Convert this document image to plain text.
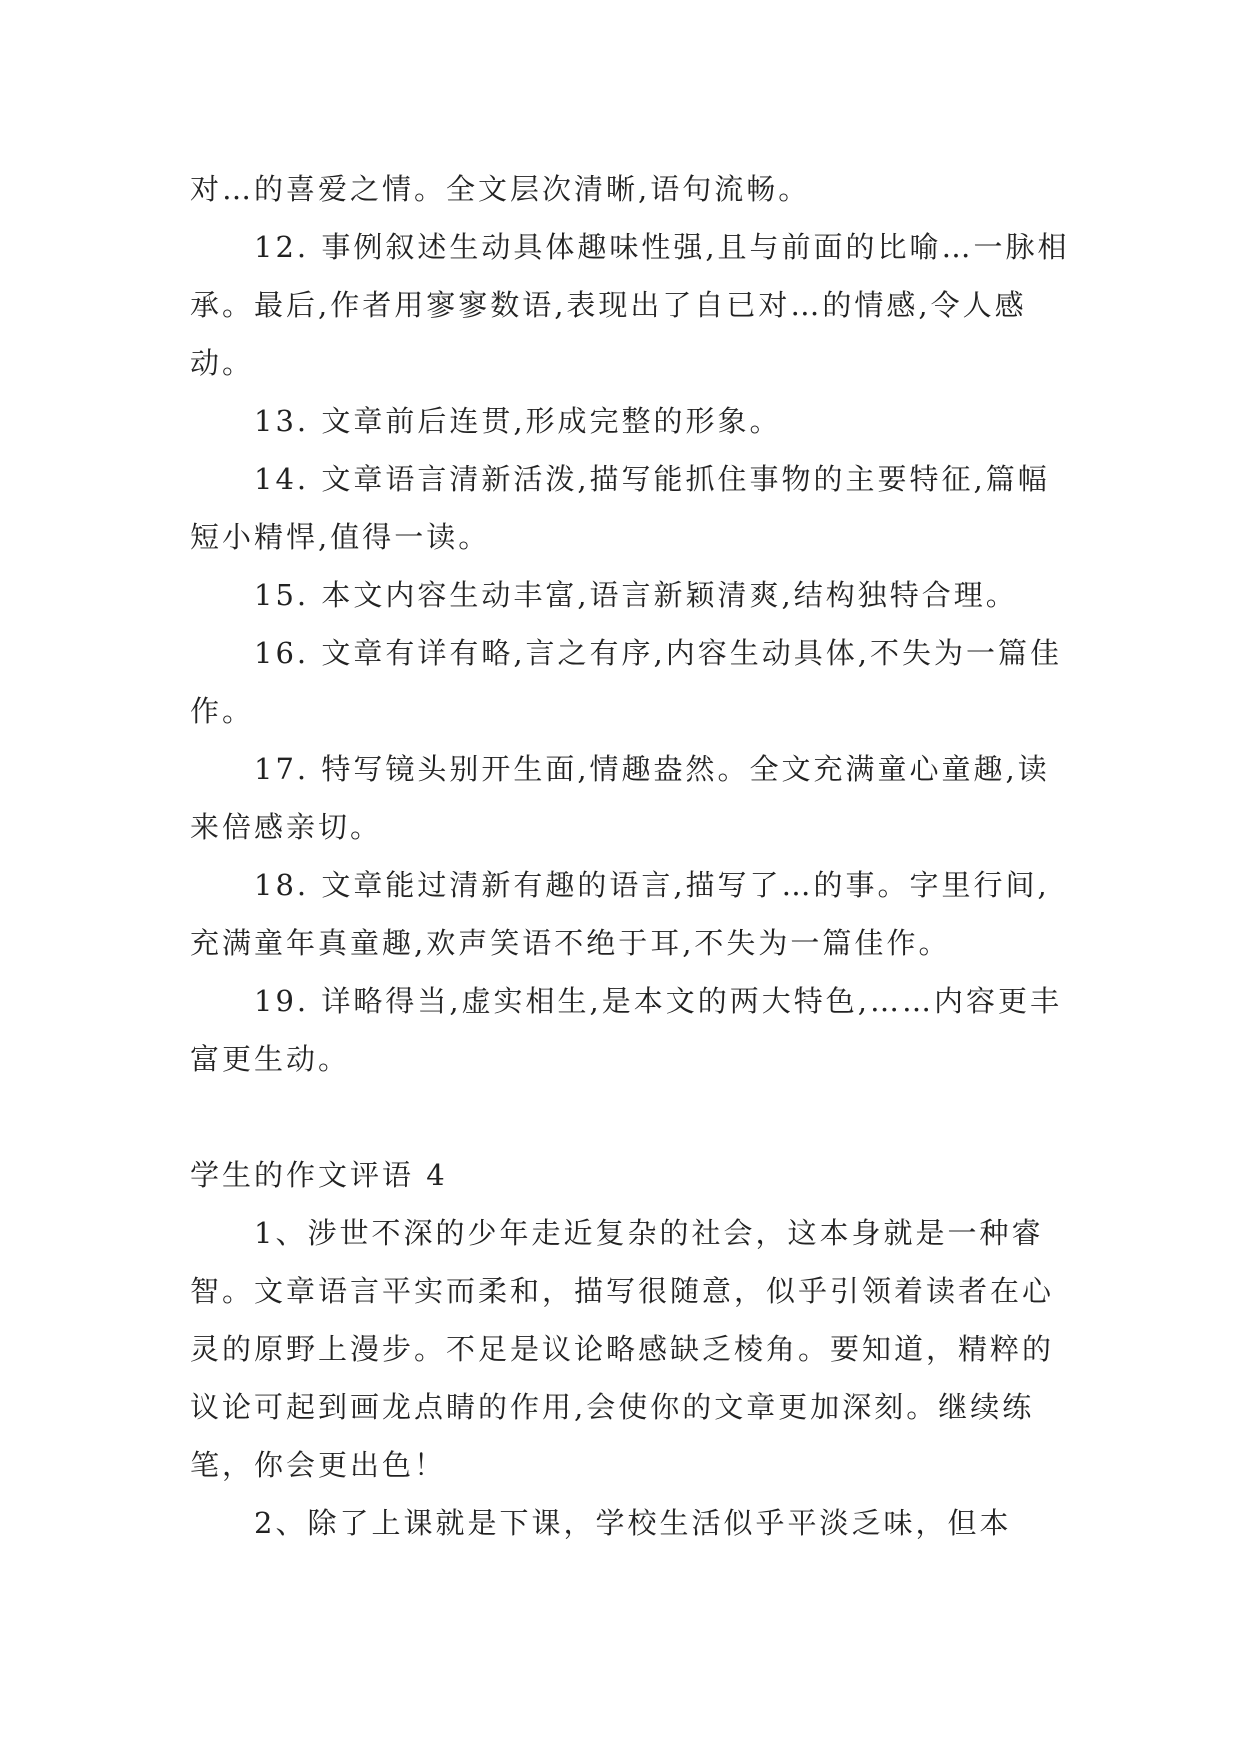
对…的喜爱之情。全文层次清晰,语句流畅。

12. 事例叙述生动具体趣味性强,且与前面的比喻…一脉相承。最后,作者用寥寥数语,表现出了自已对…的情感,令人感动。

13. 文章前后连贯,形成完整的形象。

14. 文章语言清新活泼,描写能抓住事物的主要特征,篇幅短小精悍,值得一读。

15. 本文内容生动丰富,语言新颖清爽,结构独特合理。

16. 文章有详有略,言之有序,内容生动具体,不失为一篇佳作。

17. 特写镜头别开生面,情趣盎然。全文充满童心童趣,读来倍感亲切。

18. 文章能过清新有趣的语言,描写了…的事。字里行间,充满童年真童趣,欢声笑语不绝于耳,不失为一篇佳作。

19. 详略得当,虚实相生,是本文的两大特色,……内容更丰富更生动。

学生的作文评语 4

1、涉世不深的少年走近复杂的社会，这本身就是一种睿智。文章语言平实而柔和，描写很随意，似乎引领着读者在心灵的原野上漫步。不足是议论略感缺乏棱角。要知道，精粹的议论可起到画龙点睛的作用,会使你的文章更加深刻。继续练笔，你会更出色！

2、除了上课就是下课，学校生活似乎平淡乏味，但本
